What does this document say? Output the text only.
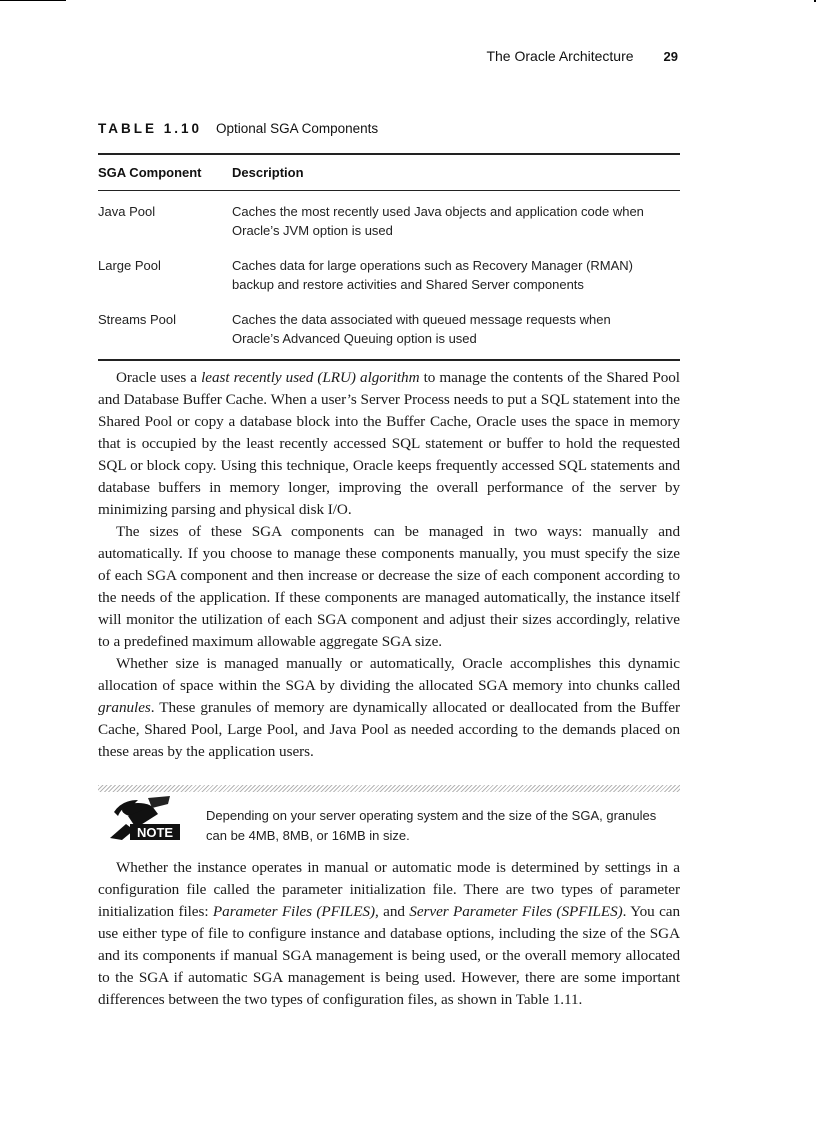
The Oracle Architecture 29
TABLE 1.10 Optional SGA Components
SGA Component	Description
Java Pool	Caches the most recently used Java objects and application code when
Oracle’s JVM option is used
Large Pool	Caches data for large operations such as Recovery Manager (RMAN)
backup and restore activities and Shared Server components
Streams Pool	Caches the data associated with queued message requests when
Oracle’s Advanced Queuing option is used

Oracle uses a least recently used (LRU) algorithm to manage the contents of the Shared Pool and Database Buffer Cache. When a user’s Server Process needs to put a SQL statement into the Shared Pool or copy a database block into the Buffer Cache, Oracle uses the space in memory that is occupied by the least recently accessed SQL statement or buffer to hold the requested SQL or block copy. Using this technique, Oracle keeps frequently accessed SQL statements and database buffers in memory longer, improving the overall performance of the server by minimizing parsing and physical disk I/O.

The sizes of these SGA components can be managed in two ways: manually and automatically. If you choose to manage these components manually, you must specify the size of each SGA component and then increase or decrease the size of each component according to the needs of the application. If these components are managed automatically, the instance itself will monitor the utilization of each SGA component and adjust their sizes accordingly, relative to a predefined maximum allowable aggregate SGA size.

Whether size is managed manually or automatically, Oracle accomplishes this dynamic allocation of space within the SGA by dividing the allocated SGA memory into chunks called granules. These granules of memory are dynamically allocated or deallocated from the Buffer Cache, Shared Pool, Large Pool, and Java Pool as needed according to the demands placed on these areas by the application users.

NOTE
Depending on your server operating system and the size of the SGA, granules can be 4MB, 8MB, or 16MB in size.

Whether the instance operates in manual or automatic mode is determined by settings in a configuration file called the parameter initialization file. There are two types of parameter initialization files: Parameter Files (PFILES), and Server Parameter Files (SPFILES). You can use either type of file to configure instance and database options, including the size of the SGA and its components if manual SGA management is being used, or the overall memory allocated to the SGA if automatic SGA management is being used. However, there are some important differences between the two types of configuration files, as shown in Table 1.11.
